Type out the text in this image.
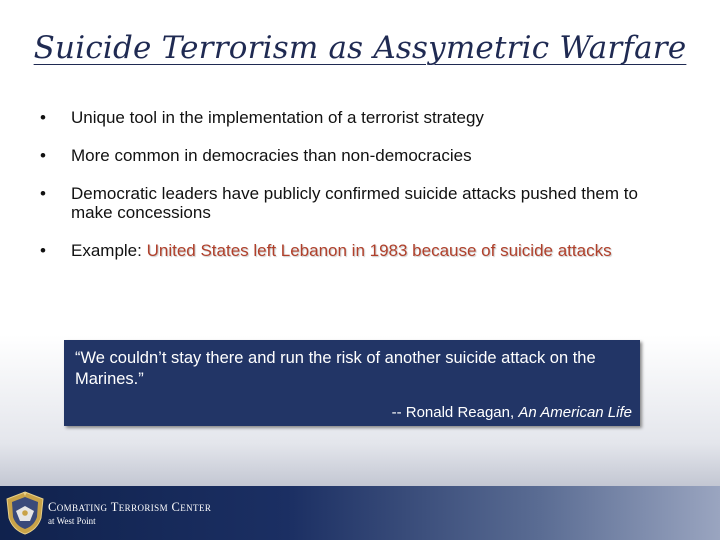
Suicide Terrorism as Assymetric Warfare
• Unique tool in the implementation of a terrorist strategy
• More common in democracies than non-democracies
• Democratic leaders have publicly confirmed suicide attacks pushed them to make concessions
• Example: United States left Lebanon in 1983 because of suicide attacks
“We couldn’t stay there and run the risk of another suicide attack on the Marines.”
-- Ronald Reagan, An American Life
Combating Terrorism Center
at West Point
